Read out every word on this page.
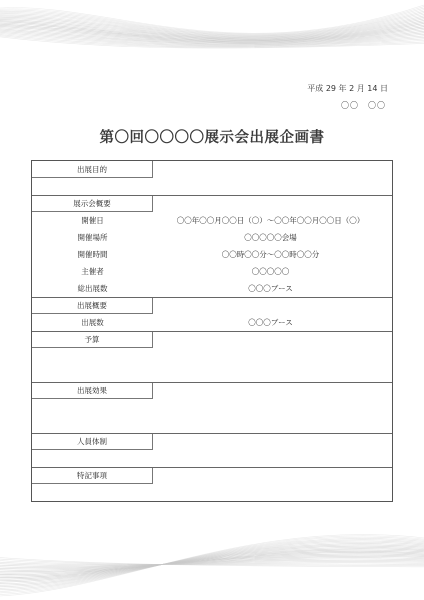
平成 29 年 2 月 14 日
〇〇　〇〇
第〇回〇〇〇〇展示会出展企画書
出展目的
展示会概要
開催日	〇〇年〇〇月〇〇日（〇）～〇〇年〇〇月〇〇日（〇）
開催場所	〇〇〇〇〇会場
開催時間	〇〇時〇〇分～〇〇時〇〇分
主催者	〇〇〇〇〇
総出展数	〇〇〇ブース
出展概要
出展数	〇〇〇ブース
予算
出展効果
人員体制
特記事項
